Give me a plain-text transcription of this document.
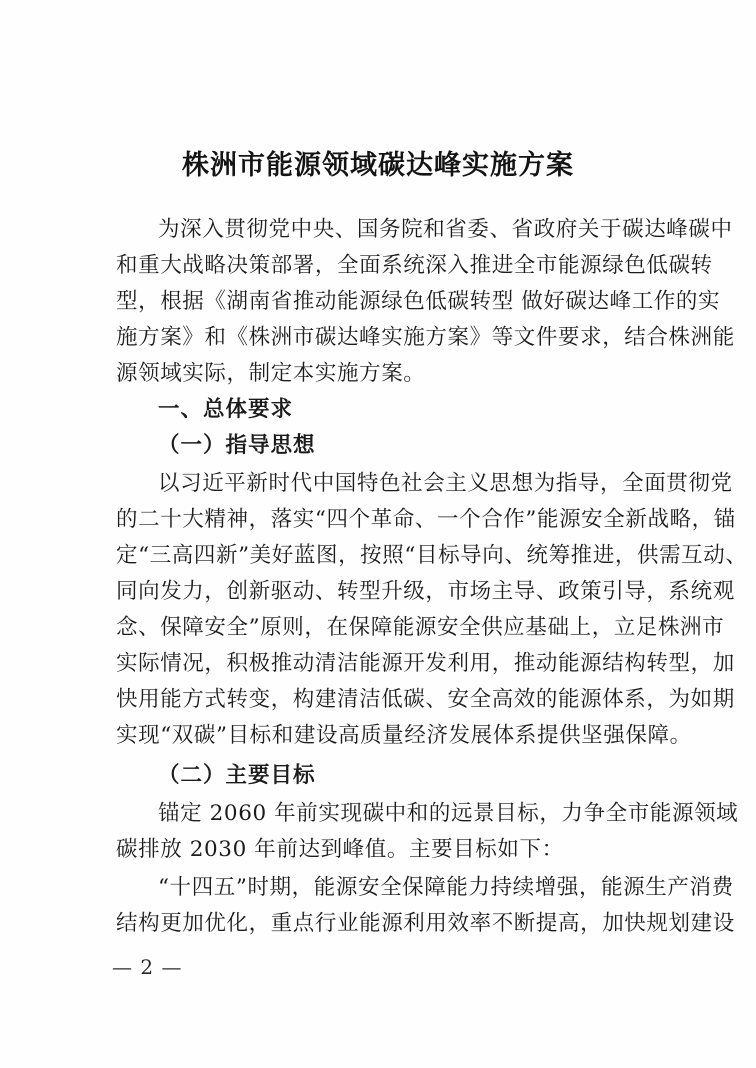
株洲市能源领域碳达峰实施方案
为深入贯彻党中央、国务院和省委、省政府关于碳达峰碳中
和重大战略决策部署，全面系统深入推进全市能源绿色低碳转
型，根据《湖南省推动能源绿色低碳转型 做好碳达峰工作的实
施方案》和《株洲市碳达峰实施方案》等文件要求，结合株洲能
源领域实际，制定本实施方案。
一、总体要求
（一）指导思想
以习近平新时代中国特色社会主义思想为指导，全面贯彻党
的二十大精神，落实“四个革命、一个合作”能源安全新战略，锚
定“三高四新”美好蓝图，按照“目标导向、统筹推进，供需互动、
同向发力，创新驱动、转型升级，市场主导、政策引导，系统观
念、保障安全”原则，在保障能源安全供应基础上，立足株洲市
实际情况，积极推动清洁能源开发利用，推动能源结构转型，加
快用能方式转变，构建清洁低碳、安全高效的能源体系，为如期
实现“双碳”目标和建设高质量经济发展体系提供坚强保障。
（二）主要目标
锚定 2060 年前实现碳中和的远景目标，力争全市能源领域
碳排放 2030 年前达到峰值。主要目标如下：
“十四五”时期，能源安全保障能力持续增强，能源生产消费
结构更加优化，重点行业能源利用效率不断提高，加快规划建设
— 2 —
